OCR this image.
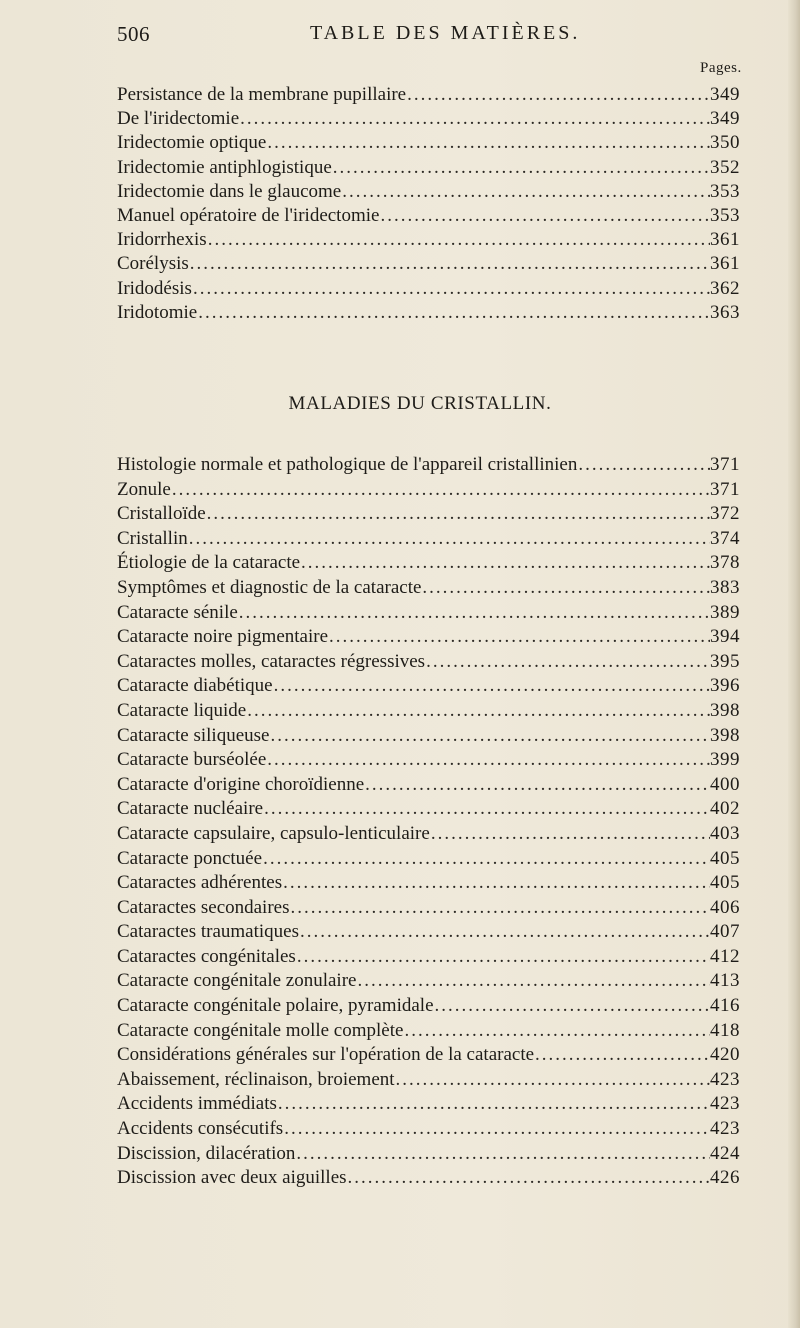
506	TABLE DES MATIÈRES.
Pages.
Persistance de la membrane pupillaire .....	349
De l'iridectomie .....	349
Iridectomie optique .....	350
Iridectomie antiphlogistique .....	352
Iridectomie dans le glaucome .....	353
Manuel opératoire de l'iridectomie .....	353
Iridorrhexis .....	361
Corélysis .....	361
Iridodésis .....	362
Iridotomie .....	363
MALADIES DU CRISTALLIN.
Histologie normale et pathologique de l'appareil cristallinien .....	371
Zonule .....	371
Cristalloïde .....	372
Cristallin .....	374
Étiologie de la cataracte .....	378
Symptômes et diagnostic de la cataracte .....	383
Cataracte sénile .....	389
Cataracte noire pigmentaire .....	394
Cataractes molles, cataractes régressives .....	395
Cataracte diabétique .....	396
Cataracte liquide .....	398
Cataracte siliqueuse .....	398
Cataracte burséolée .....	399
Cataracte d'origine choroïdienne .....	400
Cataracte nucléaire .....	402
Cataracte capsulaire, capsulo-lenticulaire .....	403
Cataracte ponctuée .....	405
Cataractes adhérentes .....	405
Cataractes secondaires .....	406
Cataractes traumatiques .....	407
Cataractes congénitales .....	412
Cataracte congénitale zonulaire .....	413
Cataracte congénitale polaire, pyramidale .....	416
Cataracte congénitale molle complète .....	418
Considérations générales sur l'opération de la cataracte .....	420
Abaissement, réclinaison, broiement .....	423
Accidents immédiats .....	423
Accidents consécutifs .....	423
Discission, dilacération .....	424
Discission avec deux aiguilles .....	426
